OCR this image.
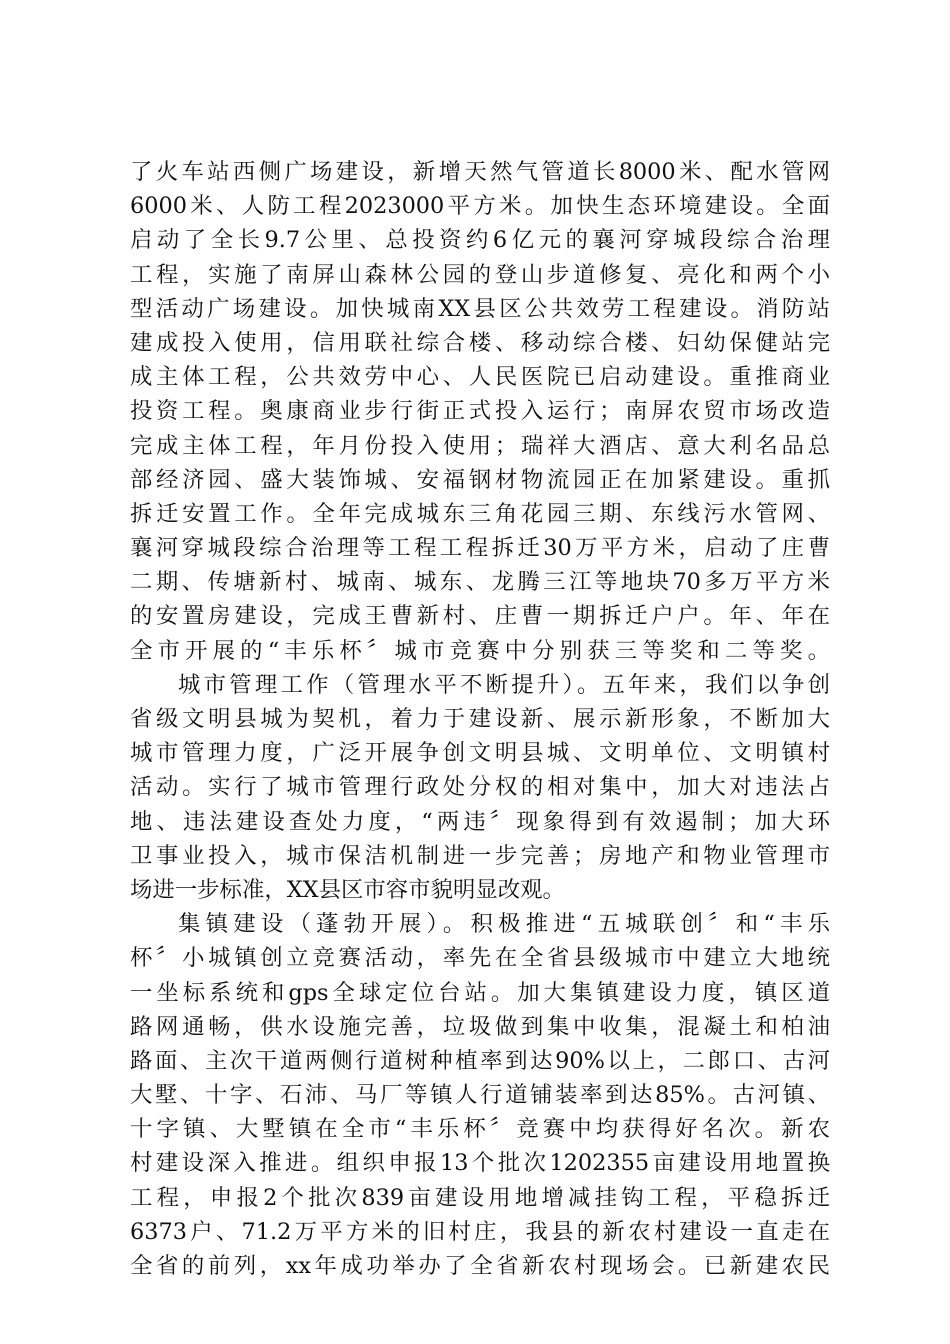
了火车站西侧广场建设，新增天然气管道长8000米、配水管网
6000米、人防工程2023000平方米。加快生态环境建设。全面
启动了全长9.7公里、总投资约6亿元的襄河穿城段综合治理
工程，实施了南屏山森林公园的登山步道修复、亮化和两个小
型活动广场建设。加快城南XX县区公共效劳工程建设。消防站
建成投入使用，信用联社综合楼、移动综合楼、妇幼保健站完
成主体工程，公共效劳中心、人民医院已启动建设。重推商业
投资工程。奥康商业步行街正式投入运行；南屏农贸市场改造
完成主体工程，年月份投入使用；瑞祥大酒店、意大利名品总
部经济园、盛大装饰城、安福钢材物流园正在加紧建设。重抓
拆迁安置工作。全年完成城东三角花园三期、东线污水管网、
襄河穿城段综合治理等工程工程拆迁30万平方米，启动了庄曹
二期、传塘新村、城南、城东、龙腾三江等地块70多万平方米
的安置房建设，完成王曹新村、庄曹一期拆迁户户。年、年在
全市开展的“丰乐杯〞城市竞赛中分别获三等奖和二等奖。
城市管理工作（管理水平不断提升）。五年来，我们以争创
省级文明县城为契机，着力于建设新、展示新形象，不断加大
城市管理力度，广泛开展争创文明县城、文明单位、文明镇村
活动。实行了城市管理行政处分权的相对集中，加大对违法占
地、违法建设查处力度，“两违〞现象得到有效遏制；加大环
卫事业投入，城市保洁机制进一步完善；房地产和物业管理市
场进一步标准，XX县区市容市貌明显改观。
集镇建设（蓬勃开展）。积极推进“五城联创〞和“丰乐
杯〞小城镇创立竞赛活动，率先在全省县级城市中建立大地统
一坐标系统和gps全球定位台站。加大集镇建设力度，镇区道
路网通畅，供水设施完善，垃圾做到集中收集，混凝土和柏油
路面、主次干道两侧行道树种植率到达90%以上，二郎口、古河
大墅、十字、石沛、马厂等镇人行道铺装率到达85%。古河镇、
十字镇、大墅镇在全市“丰乐杯〞竞赛中均获得好名次。新农
村建设深入推进。组织申报13个批次1202355亩建设用地置换
工程，申报2个批次839亩建设用地增减挂钩工程，平稳拆迁
6373户、71.2万平方米的旧村庄，我县的新农村建设一直走在
全省的前列，xx年成功举办了全省新农村现场会。已新建农民
